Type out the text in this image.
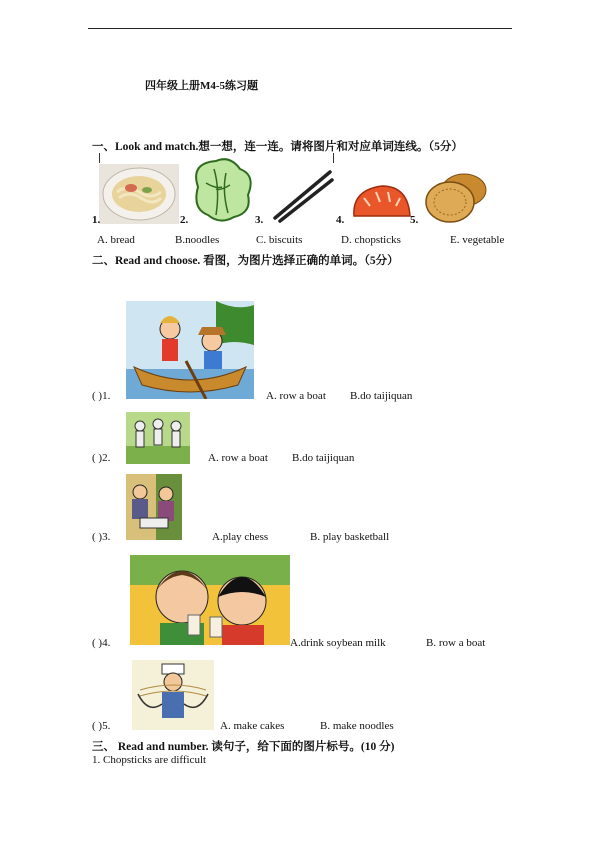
四年级上册M4-5练习题
一、Look and match.想一想，连一连。请将图片和对应单词连线。（5分）
1.	2.	3.	4.	5.
A. bread	B.noodles	C. biscuits	D. chopsticks	E. vegetable
二、Read and choose. 看图，为图片选择正确的单词。（5分）
( )1.	A. row a boat B.do taijiquan
( )2.	A. row a boat B.do taijiquan
( )3.	A.play chess	B. play basketball
( )4.	A.drink soybean milk	B. row a boat
( )5.	A. make cakes	B. make noodles
三、 Read and number. 读句子，给下面的图片标号。(10 分)
1. Chopsticks are difficult
